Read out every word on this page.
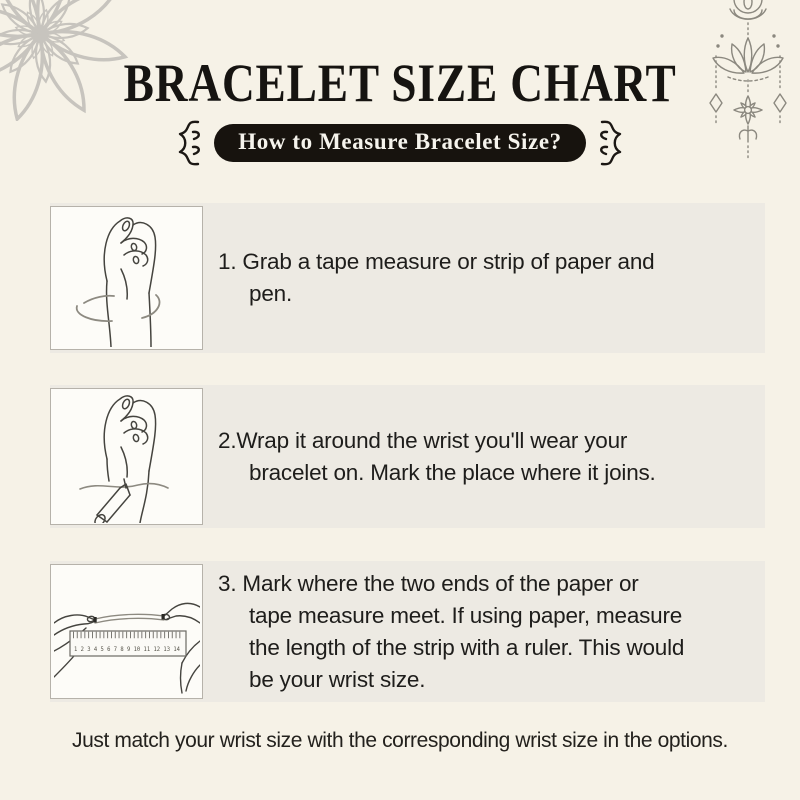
BRACELET SIZE CHART
How to Measure Bracelet Size?
1. Grab a tape measure or strip of paper and
pen.
2.Wrap it around the wrist you'll wear your
bracelet on. Mark the place where it joins.
1 2 3 4 5 6 7 8 9 10 11 12 13 14
3. Mark where the two ends of the paper or
tape measure meet. If using paper, measure
the length of the strip with a ruler. This would
be your wrist size.
Just match your wrist size with the corresponding wrist size in the options.
